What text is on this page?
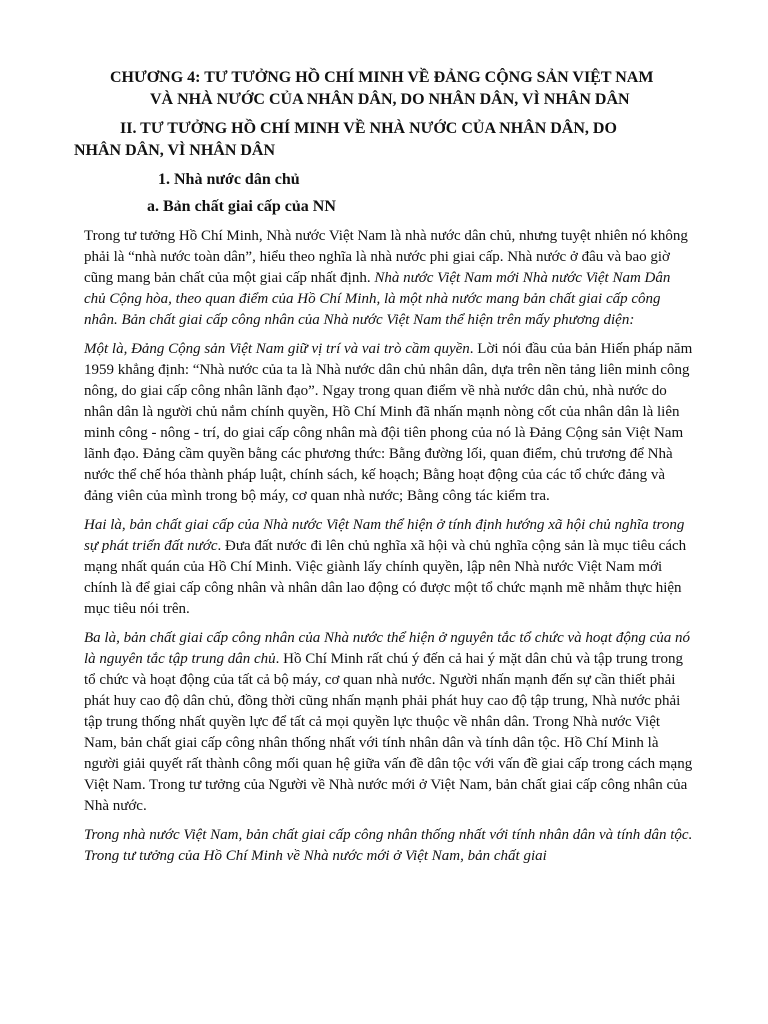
CHƯƠNG 4: TƯ TƯỞNG HỒ CHÍ MINH VỀ ĐẢNG CỘNG SẢN VIỆT NAM
VÀ NHÀ NƯỚC CỦA NHÂN DÂN, DO NHÂN DÂN, VÌ NHÂN DÂN
II. TƯ TƯỞNG HỒ CHÍ MINH VỀ NHÀ NƯỚC CỦA NHÂN DÂN, DO
NHÂN DÂN, VÌ NHÂN DÂN
1. Nhà nước dân chủ
a. Bản chất giai cấp của NN

Trong tư tưởng Hồ Chí Minh, Nhà nước Việt Nam là nhà nước dân chủ, nhưng tuyệt nhiên nó không phải là “nhà nước toàn dân”, hiểu theo nghĩa là nhà nước phi giai cấp. Nhà nước ở đâu và bao giờ cũng mang bản chất của một giai cấp nhất định. Nhà nước Việt Nam mới Nhà nước Việt Nam Dân chủ Cộng hòa, theo quan điểm của Hồ Chí Minh, là một nhà nước mang bản chất giai cấp công nhân. Bản chất giai cấp công nhân của Nhà nước Việt Nam thể hiện trên mấy phương diện:

Một là, Đảng Cộng sản Việt Nam giữ vị trí và vai trò cầm quyền. Lời nói đầu của bản Hiến pháp năm 1959 khẳng định: “Nhà nước của ta là Nhà nước dân chủ nhân dân, dựa trên nền tảng liên minh công nông, do giai cấp công nhân lãnh đạo”. Ngay trong quan điểm về nhà nước dân chủ, nhà nước do nhân dân là người chủ nắm chính quyền, Hồ Chí Minh đã nhấn mạnh nòng cốt của nhân dân là liên minh công - nông - trí, do giai cấp công nhân mà đội tiên phong của nó là Đảng Cộng sản Việt Nam lãnh đạo. Đảng cầm quyền bằng các phương thức: Bằng đường lối, quan điểm, chủ trương để Nhà nước thể chế hóa thành pháp luật, chính sách, kế hoạch; Bằng hoạt động của các tổ chức đảng và đảng viên của mình trong bộ máy, cơ quan nhà nước; Bằng công tác kiểm tra.

Hai là, bản chất giai cấp của Nhà nước Việt Nam thể hiện ở tính định hướng xã hội chủ nghĩa trong sự phát triển đất nước. Đưa đất nước đi lên chủ nghĩa xã hội và chủ nghĩa cộng sản là mục tiêu cách mạng nhất quán của Hồ Chí Minh. Việc giành lấy chính quyền, lập nên Nhà nước Việt Nam mới chính là để giai cấp công nhân và nhân dân lao động có được một tổ chức mạnh mẽ nhằm thực hiện mục tiêu nói trên.

Ba là, bản chất giai cấp công nhân của Nhà nước thể hiện ở nguyên tắc tổ chức và hoạt động của nó là nguyên tắc tập trung dân chủ. Hồ Chí Minh rất chú ý đến cả hai ý mặt dân chủ và tập trung trong tổ chức và hoạt động của tất cả bộ máy, cơ quan nhà nước. Người nhấn mạnh đến sự cần thiết phải phát huy cao độ dân chủ, đồng thời cũng nhấn mạnh phải phát huy cao độ tập trung, Nhà nước phải tập trung thống nhất quyền lực để tất cả mọi quyền lực thuộc về nhân dân. Trong Nhà nước Việt Nam, bản chất giai cấp công nhân thống nhất với tính nhân dân và tính dân tộc. Hồ Chí Minh là người giải quyết rất thành công mối quan hệ giữa vấn đề dân tộc với vấn đề giai cấp trong cách mạng Việt Nam. Trong tư tưởng của Người về Nhà nước mới ở Việt Nam, bản chất giai cấp công nhân của Nhà nước.

Trong nhà nước Việt Nam, bản chất giai cấp công nhân thống nhất với tính nhân dân và tính dân tộc. Trong tư tưởng của Hồ Chí Minh về Nhà nước mới ở Việt Nam, bản chất giai
